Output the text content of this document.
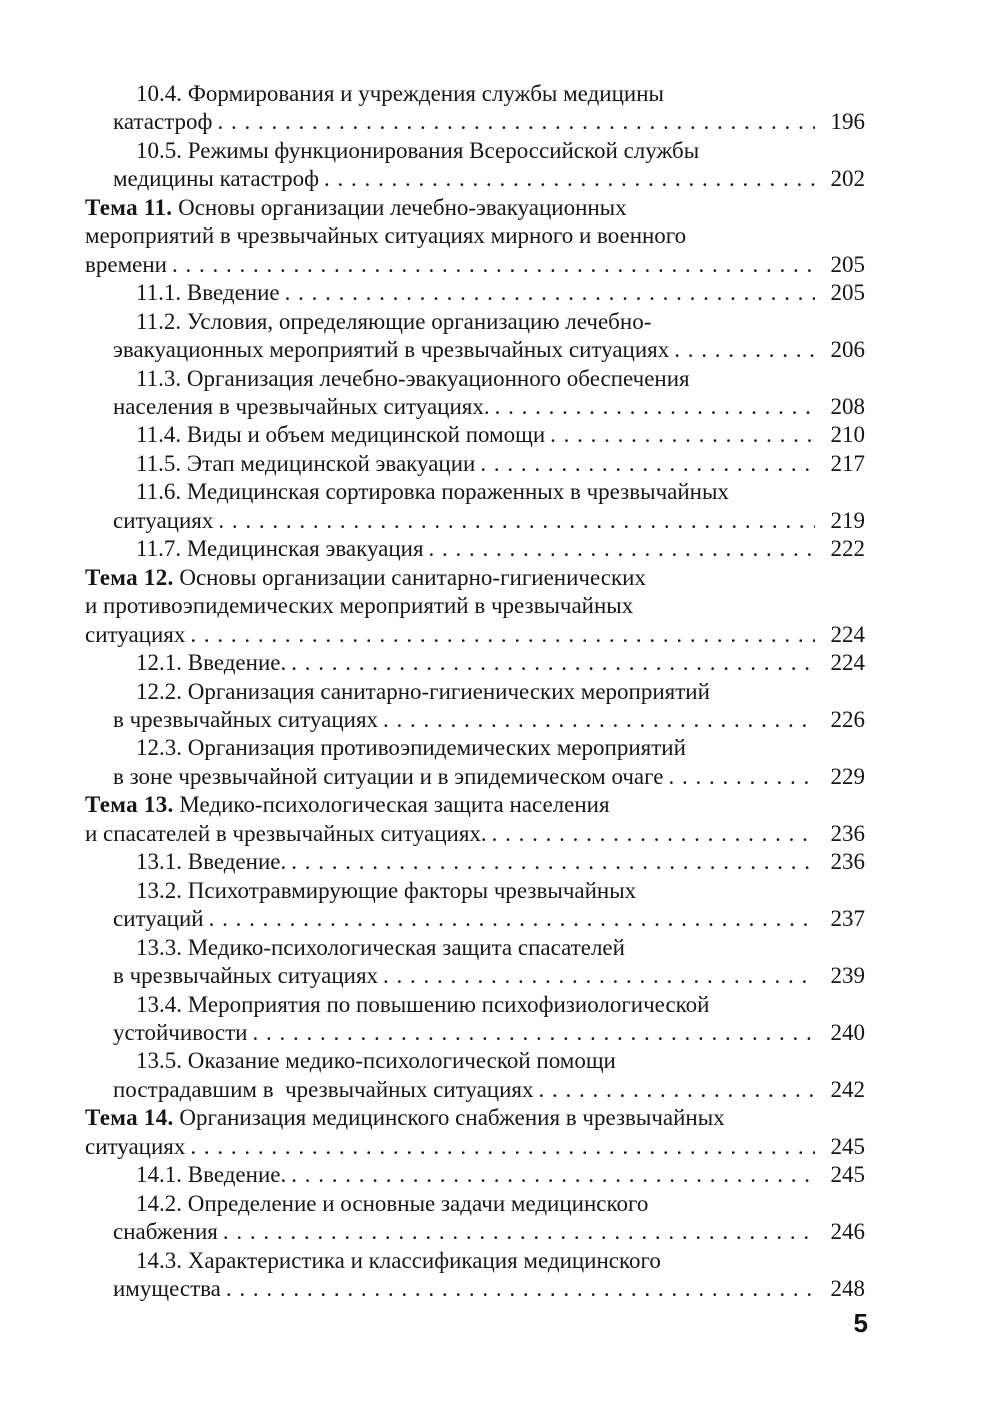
10.4. Формирования и учреждения службы медицины
катастроф . . .	196
10.5. Режимы функционирования Всероссийской службы
медицины катастроф . . .	202
Тема 11. Основы организации лечебно-эвакуационных
мероприятий в чрезвычайных ситуациях мирного и военного
времени . . .	205
11.1. Введение . . .	205
11.2. Условия, определяющие организацию лечебно-
эвакуационных мероприятий в чрезвычайных ситуациях . . .	206
11.3. Организация лечебно-эвакуационного обеспечения
населения в чрезвычайных ситуациях. . . .	208
11.4. Виды и объем медицинской помощи . . .	210
11.5. Этап медицинской эвакуации . . .	217
11.6. Медицинская сортировка пораженных в чрезвычайных
ситуациях . . .	219
11.7. Медицинская эвакуация . . .	222
Тема 12. Основы организации санитарно-гигиенических
и противоэпидемических мероприятий в чрезвычайных
ситуациях . . .	224
12.1. Введение. . . .	224
12.2. Организация санитарно-гигиенических мероприятий
в чрезвычайных ситуациях . . .	226
12.3. Организация противоэпидемических мероприятий
в зоне чрезвычайной ситуации и в эпидемическом очаге . . .	229
Тема 13. Медико-психологическая защита населения
и спасателей в чрезвычайных ситуациях. . . .	236
13.1. Введение. . . .	236
13.2. Психотравмирующие факторы чрезвычайных
ситуаций . . .	237
13.3. Медико-психологическая защита спасателей
в чрезвычайных ситуациях . . .	239
13.4. Мероприятия по повышению психофизиологической
устойчивости . . .	240
13.5. Оказание медико-психологической помощи
пострадавшим в  чрезвычайных ситуациях . . .	242
Тема 14. Организация медицинского снабжения в чрезвычайных
ситуациях . . .	245
14.1. Введение. . . .	245
14.2. Определение и основные задачи медицинского
снабжения . . .	246
14.3. Характеристика и классификация медицинского
имущества . . .	248
5
